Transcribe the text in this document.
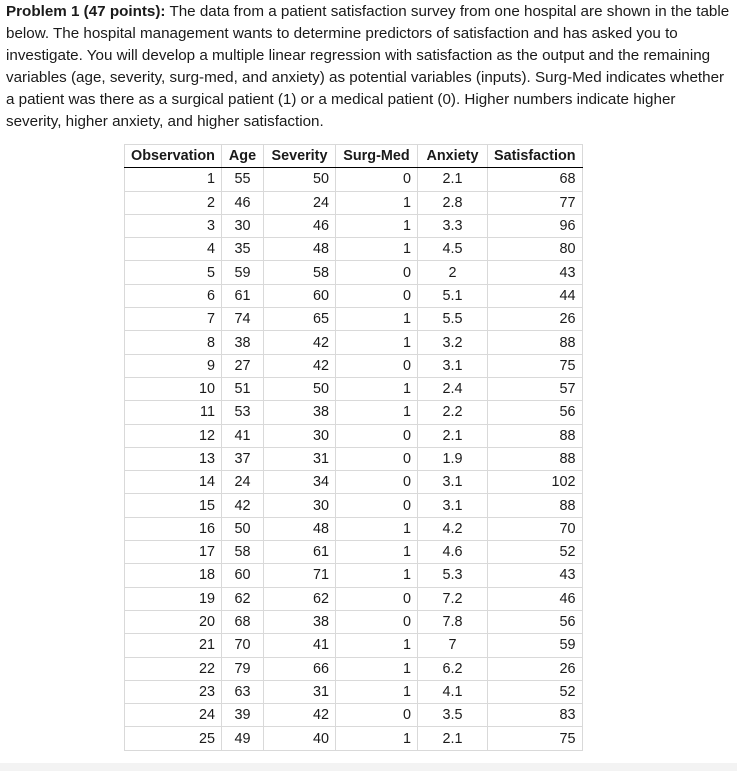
Problem 1 (47 points): The data from a patient satisfaction survey from one hospital are shown in the table below. The hospital management wants to determine predictors of satisfaction and has asked you to investigate. You will develop a multiple linear regression with satisfaction as the output and the remaining variables (age, severity, surg-med, and anxiety) as potential variables (inputs). Surg-Med indicates whether a patient was there as a surgical patient (1) or a medical patient (0). Higher numbers indicate higher severity, higher anxiety, and higher satisfaction.

Observation	Age	Severity	Surg-Med	Anxiety	Satisfaction
1	55	50	0	2.1	68
2	46	24	1	2.8	77
3	30	46	1	3.3	96
4	35	48	1	4.5	80
5	59	58	0	2	43
6	61	60	0	5.1	44
7	74	65	1	5.5	26
8	38	42	1	3.2	88
9	27	42	0	3.1	75
10	51	50	1	2.4	57
11	53	38	1	2.2	56
12	41	30	0	2.1	88
13	37	31	0	1.9	88
14	24	34	0	3.1	102
15	42	30	0	3.1	88
16	50	48	1	4.2	70
17	58	61	1	4.6	52
18	60	71	1	5.3	43
19	62	62	0	7.2	46
20	68	38	0	7.8	56
21	70	41	1	7	59
22	79	66	1	6.2	26
23	63	31	1	4.1	52
24	39	42	0	3.5	83
25	49	40	1	2.1	75
